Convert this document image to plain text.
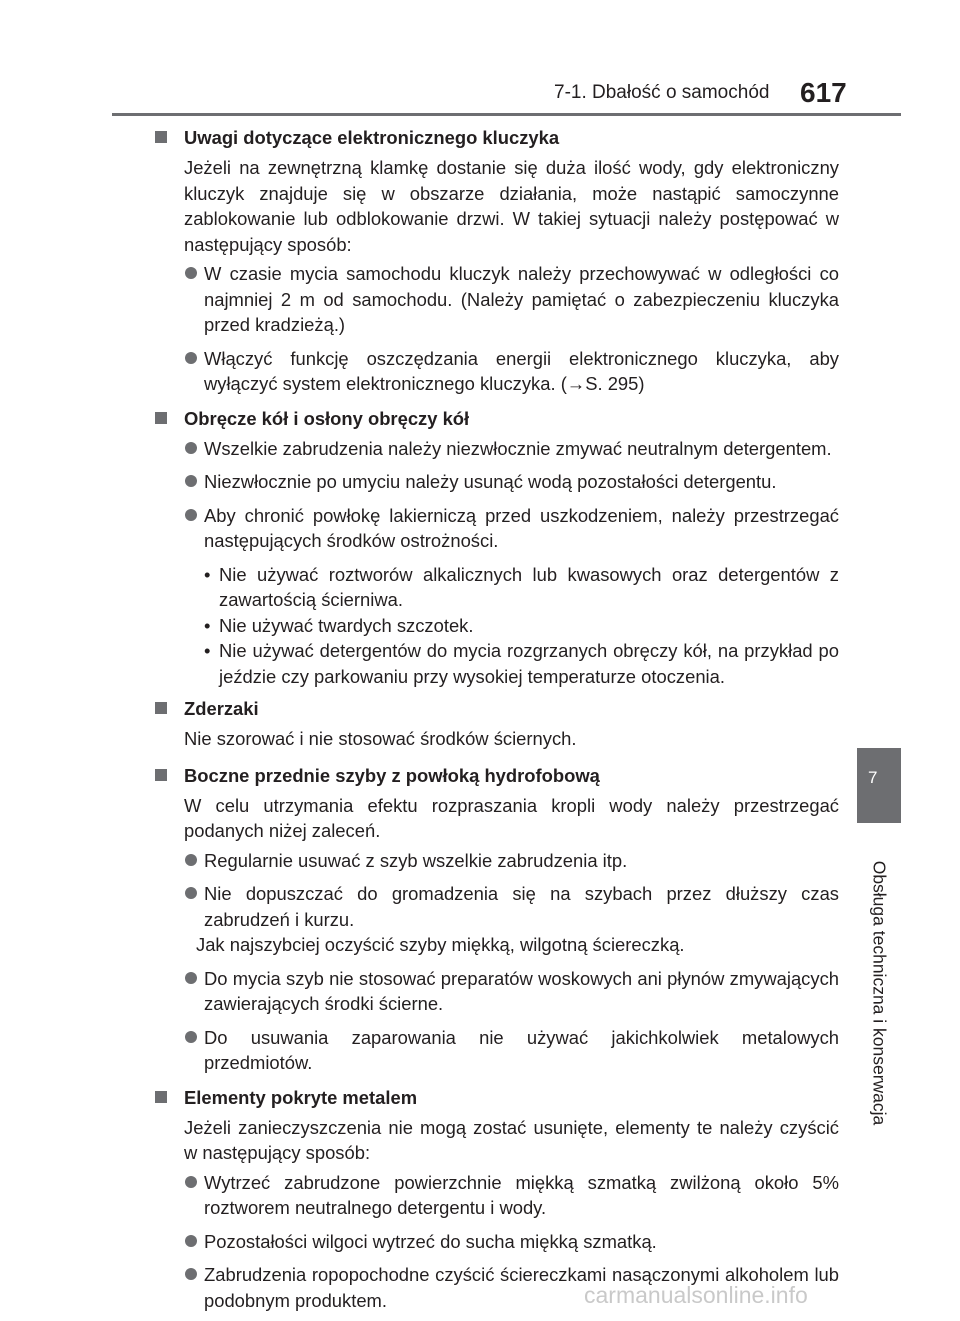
7-1. Dbałość o samochód 617
Uwagi dotyczące elektronicznego kluczyka
Jeżeli na zewnętrzną klamkę dostanie się duża ilość wody, gdy elektroniczny kluczyk znajduje się w obszarze działania, może nastąpić samoczynne zablokowanie lub odblokowanie drzwi. W takiej sytuacji należy postępować w następujący sposób:
W czasie mycia samochodu kluczyk należy przechowywać w odległości co najmniej 2 m od samochodu. (Należy pamiętać o zabezpieczeniu kluczyka przed kradzieżą.)
Włączyć funkcję oszczędzania energii elektronicznego kluczyka, aby wyłączyć system elektronicznego kluczyka. (→S. 295)
Obręcze kół i osłony obręczy kół
Wszelkie zabrudzenia należy niezwłocznie zmywać neutralnym detergentem.
Niezwłocznie po umyciu należy usunąć wodą pozostałości detergentu.
Aby chronić powłokę lakierniczą przed uszkodzeniem, należy przestrzegać następujących środków ostrożności.
• Nie używać roztworów alkalicznych lub kwasowych oraz detergentów z zawartością ścierniwa.
• Nie używać twardych szczotek.
• Nie używać detergentów do mycia rozgrzanych obręczy kół, na przykład po jeździe czy parkowaniu przy wysokiej temperaturze otoczenia.
Zderzaki
Nie szorować i nie stosować środków ściernych.
Boczne przednie szyby z powłoką hydrofobową
W celu utrzymania efektu rozpraszania kropli wody należy przestrzegać podanych niżej zaleceń.
Regularnie usuwać z szyb wszelkie zabrudzenia itp.
Nie dopuszczać do gromadzenia się na szybach przez dłuższy czas zabrudzeń i kurzu.
Jak najszybciej oczyścić szyby miękką, wilgotną ściereczką.
Do mycia szyb nie stosować preparatów woskowych ani płynów zmywających zawierających środki ścierne.
Do usuwania zaparowania nie używać jakichkolwiek metalowych przedmiotów.
Elementy pokryte metalem
Jeżeli zanieczyszczenia nie mogą zostać usunięte, elementy te należy czyścić w następujący sposób:
Wytrzeć zabrudzone powierzchnie miękką szmatką zwilżoną około 5% roztworem neutralnego detergentu i wody.
Pozostałości wilgoci wytrzeć do sucha miękką szmatką.
Zabrudzenia ropopochodne czyścić ściereczkami nasączonymi alkoholem lub podobnym produktem.
7
Obsługa techniczna i konserwacja
carmanualsonline.info
